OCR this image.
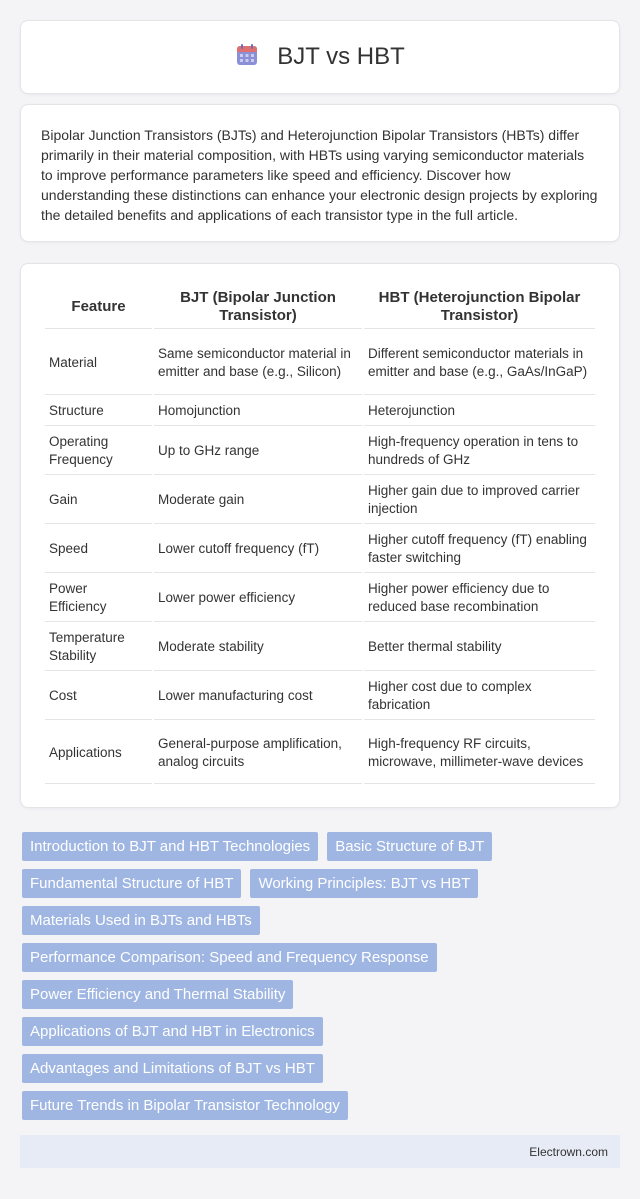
BJT vs HBT

Bipolar Junction Transistors (BJTs) and Heterojunction Bipolar Transistors (HBTs) differ primarily in their material composition, with HBTs using varying semiconductor materials to improve performance parameters like speed and efficiency. Discover how understanding these distinctions can enhance your electronic design projects by exploring the detailed benefits and applications of each transistor type in the full article.

Feature	BJT (Bipolar Junction Transistor)	HBT (Heterojunction Bipolar Transistor)
Material	Same semiconductor material in emitter and base (e.g., Silicon)	Different semiconductor materials in emitter and base (e.g., GaAs/InGaP)
Structure	Homojunction	Heterojunction
Operating Frequency	Up to GHz range	High-frequency operation in tens to hundreds of GHz
Gain	Moderate gain	Higher gain due to improved carrier injection
Speed	Lower cutoff frequency (fT)	Higher cutoff frequency (fT) enabling faster switching
Power Efficiency	Lower power efficiency	Higher power efficiency due to reduced base recombination
Temperature Stability	Moderate stability	Better thermal stability
Cost	Lower manufacturing cost	Higher cost due to complex fabrication
Applications	General-purpose amplification, analog circuits	High-frequency RF circuits, microwave, millimeter-wave devices
Introduction to BJT and HBT Technologies	Basic Structure of BJT
Fundamental Structure of HBT	Working Principles: BJT vs HBT
Materials Used in BJTs and HBTs
Performance Comparison: Speed and Frequency Response
Power Efficiency and Thermal Stability
Applications of BJT and HBT in Electronics
Advantages and Limitations of BJT vs HBT
Future Trends in Bipolar Transistor Technology
Electrown.com
